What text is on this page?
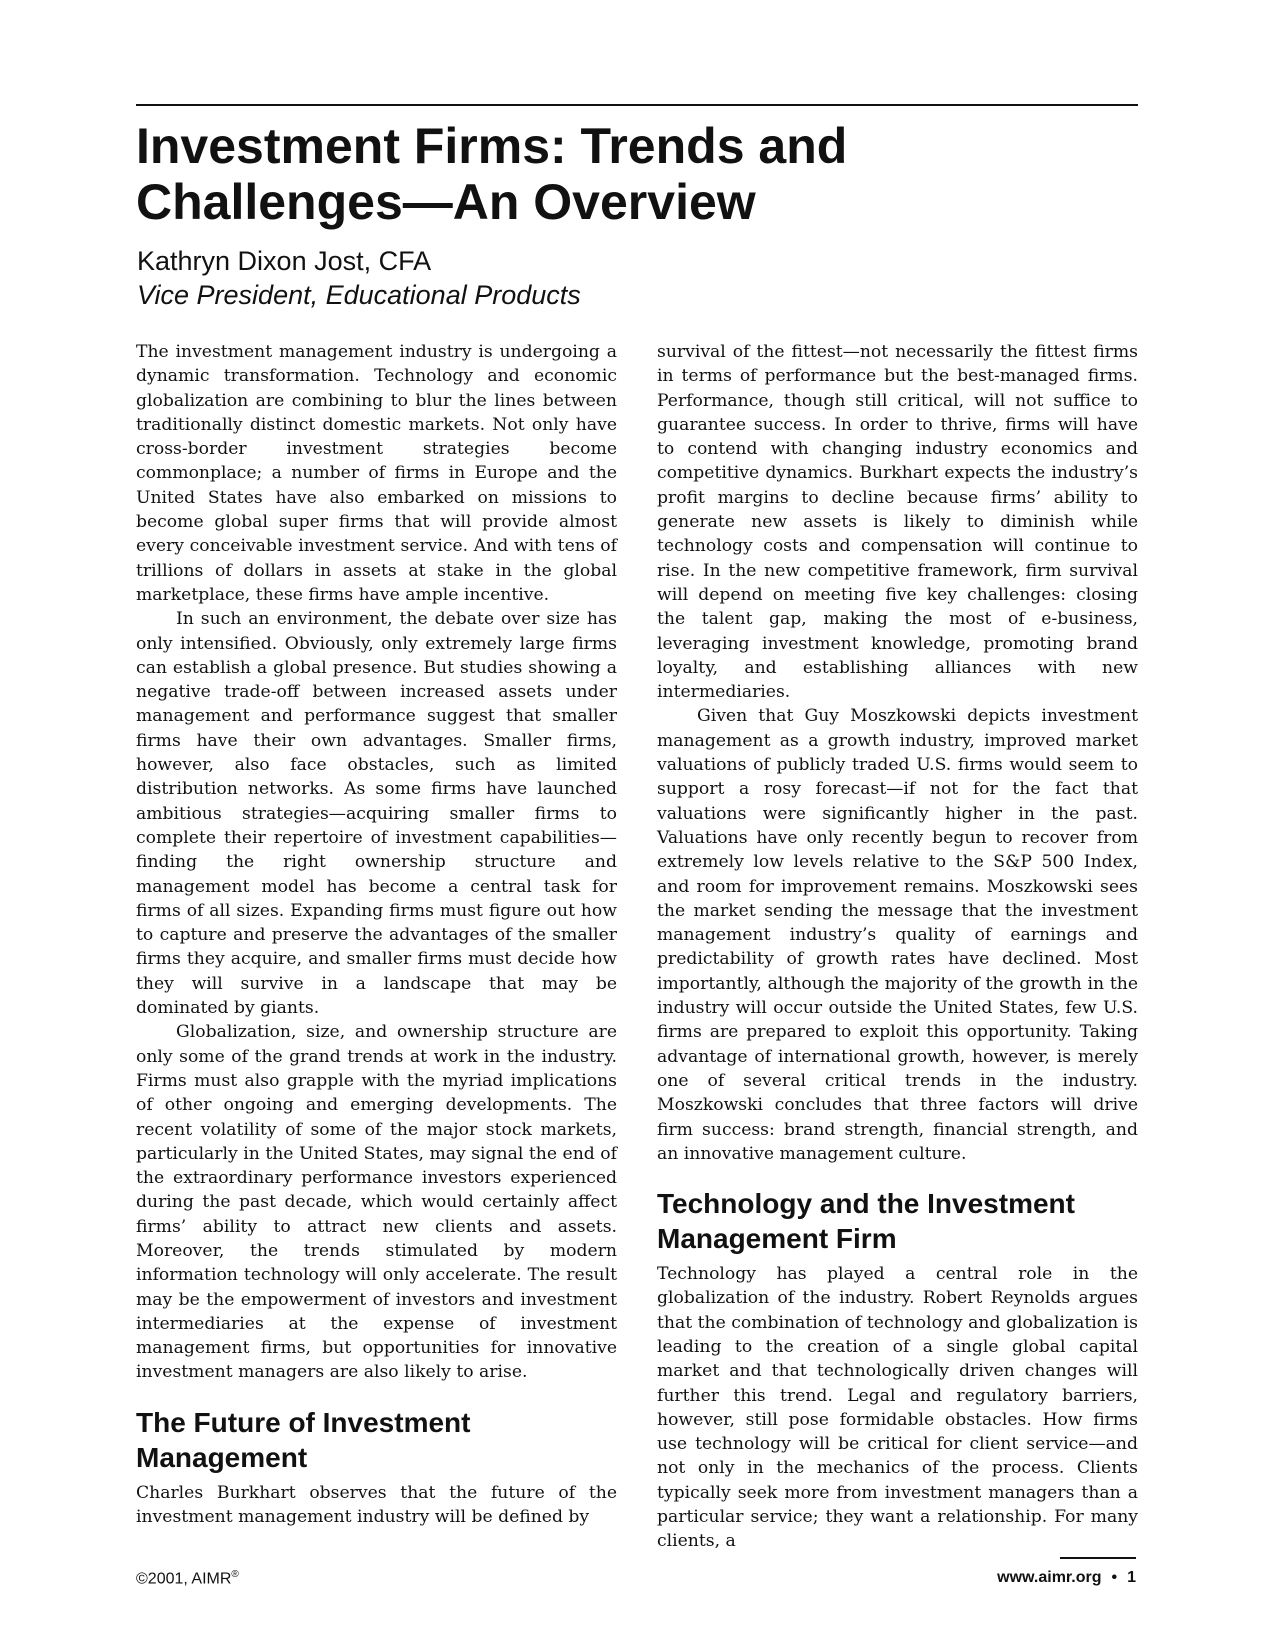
Investment Firms: Trends and
Challenges—An Overview
Kathryn Dixon Jost, CFA
Vice President, Educational Products

The investment management industry is undergoing a dynamic transformation. Technology and economic globalization are combining to blur the lines between traditionally distinct domestic markets. Not only have cross-border investment strategies become commonplace; a number of firms in Europe and the United States have also embarked on missions to become global super firms that will provide almost every conceivable investment service. And with tens of trillions of dollars in assets at stake in the global marketplace, these firms have ample incentive.

In such an environment, the debate over size has only intensified. Obviously, only extremely large firms can establish a global presence. But studies showing a negative trade-off between increased assets under management and performance suggest that smaller firms have their own advantages. Smaller firms, however, also face obstacles, such as limited distribution networks. As some firms have launched ambitious strategies—acquiring smaller firms to complete their repertoire of investment capabilities—finding the right ownership structure and management model has become a central task for firms of all sizes. Expanding firms must figure out how to capture and preserve the advantages of the smaller firms they acquire, and smaller firms must decide how they will survive in a landscape that may be dominated by giants.

Globalization, size, and ownership structure are only some of the grand trends at work in the industry. Firms must also grapple with the myriad implications of other ongoing and emerging developments. The recent volatility of some of the major stock markets, particularly in the United States, may signal the end of the extraordinary performance investors experienced during the past decade, which would certainly affect firms’ ability to attract new clients and assets. Moreover, the trends stimulated by modern information technology will only accelerate. The result may be the empowerment of investors and investment intermediaries at the expense of investment management firms, but opportunities for innovative investment managers are also likely to arise.

The Future of Investment
Management

Charles Burkhart observes that the future of the investment management industry will be defined by

survival of the fittest—not necessarily the fittest firms in terms of performance but the best-managed firms. Performance, though still critical, will not suffice to guarantee success. In order to thrive, firms will have to contend with changing industry economics and competitive dynamics. Burkhart expects the industry’s profit margins to decline because firms’ ability to generate new assets is likely to diminish while technology costs and compensation will continue to rise. In the new competitive framework, firm survival will depend on meeting five key challenges: closing the talent gap, making the most of e-business, leveraging investment knowledge, promoting brand loyalty, and establishing alliances with new intermediaries.

Given that Guy Moszkowski depicts investment management as a growth industry, improved market valuations of publicly traded U.S. firms would seem to support a rosy forecast—if not for the fact that valuations were significantly higher in the past. Valuations have only recently begun to recover from extremely low levels relative to the S&P 500 Index, and room for improvement remains. Moszkowski sees the market sending the message that the investment management industry’s quality of earnings and predictability of growth rates have declined. Most importantly, although the majority of the growth in the industry will occur outside the United States, few U.S. firms are prepared to exploit this opportunity. Taking advantage of international growth, however, is merely one of several critical trends in the industry. Moszkowski concludes that three factors will drive firm success: brand strength, financial strength, and an innovative management culture.

Technology and the Investment
Management Firm

Technology has played a central role in the globalization of the industry. Robert Reynolds argues that the combination of technology and globalization is leading to the creation of a single global capital market and that technologically driven changes will further this trend. Legal and regulatory barriers, however, still pose formidable obstacles. How firms use technology will be critical for client service—and not only in the mechanics of the process. Clients typically seek more from investment managers than a particular service; they want a relationship. For many clients, a

©2001, AIMR®	www.aimr.org • 1
